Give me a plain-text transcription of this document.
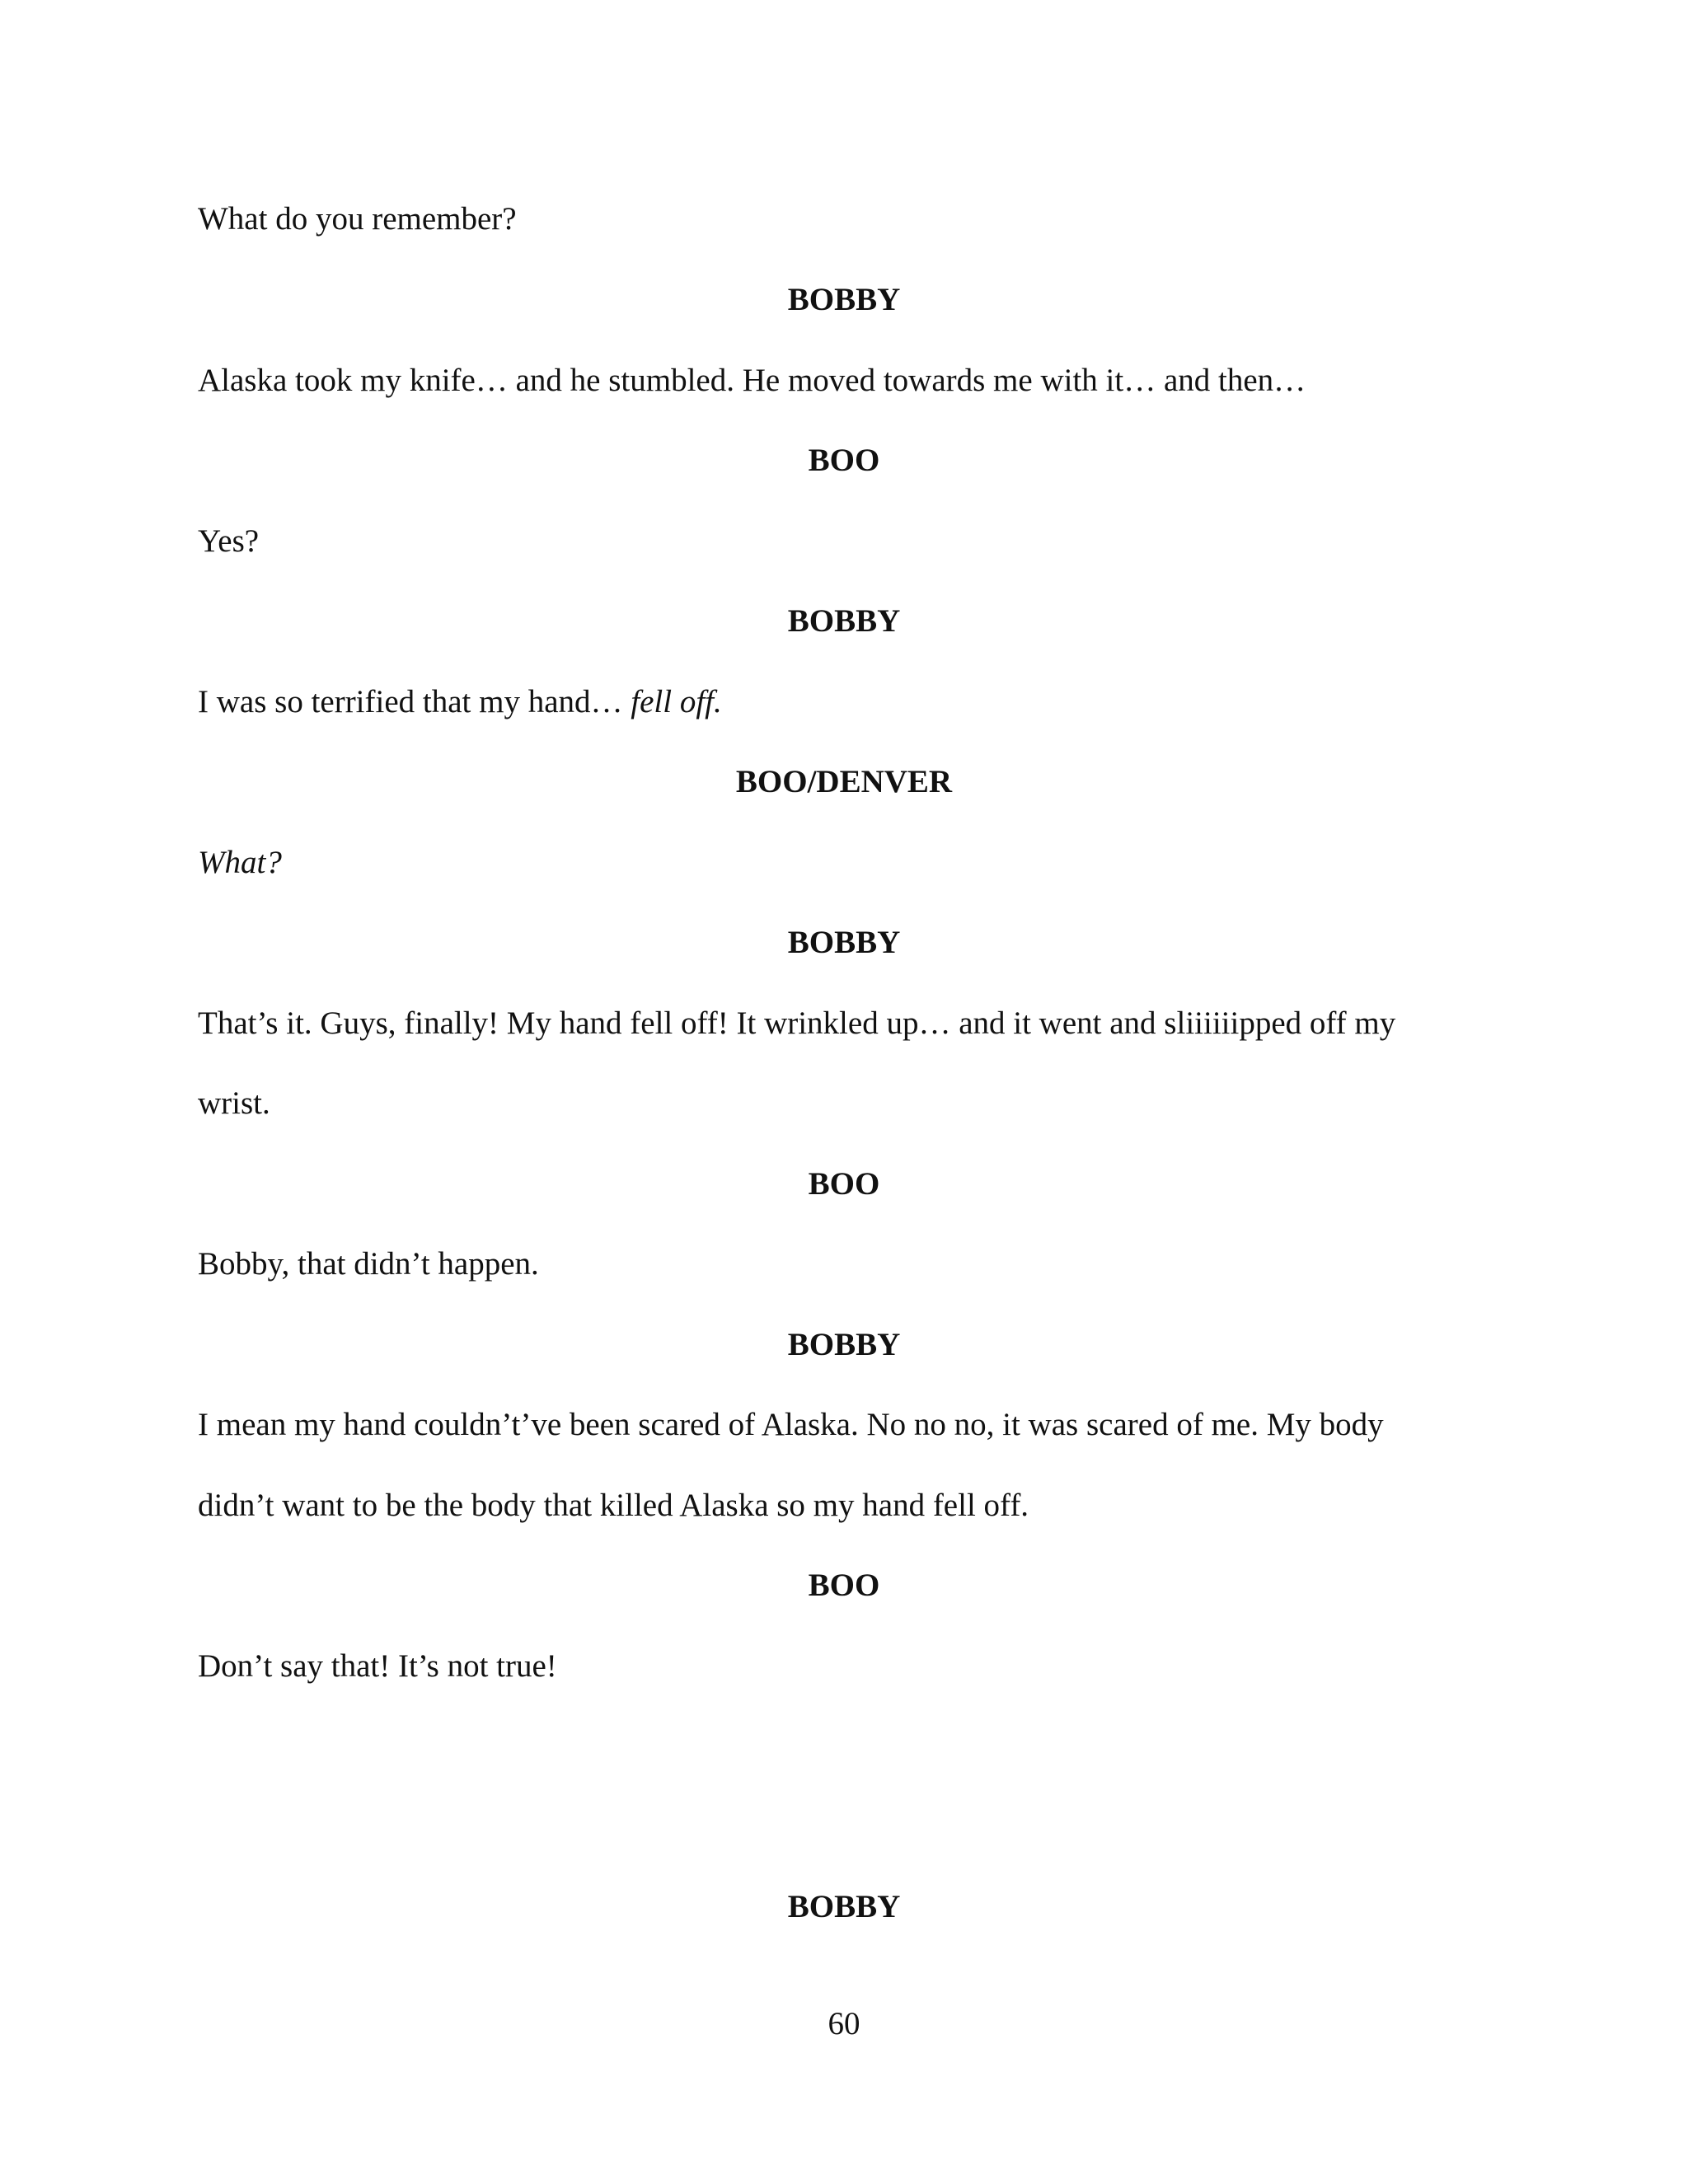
What do you remember?
BOBBY
Alaska took my knife… and he stumbled. He moved towards me with it… and then…
BOO
Yes?
BOBBY
I was so terrified that my hand… fell off.
BOO/DENVER
What?
BOBBY
That’s it. Guys, finally! My hand fell off! It wrinkled up… and it went and sliiiiiipped off my
wrist.
BOO
Bobby, that didn’t happen.
BOBBY
I mean my hand couldn’t’ve been scared of Alaska. No no no, it was scared of me. My body
didn’t want to be the body that killed Alaska so my hand fell off.
BOO
Don’t say that! It’s not true!
BOBBY
60
